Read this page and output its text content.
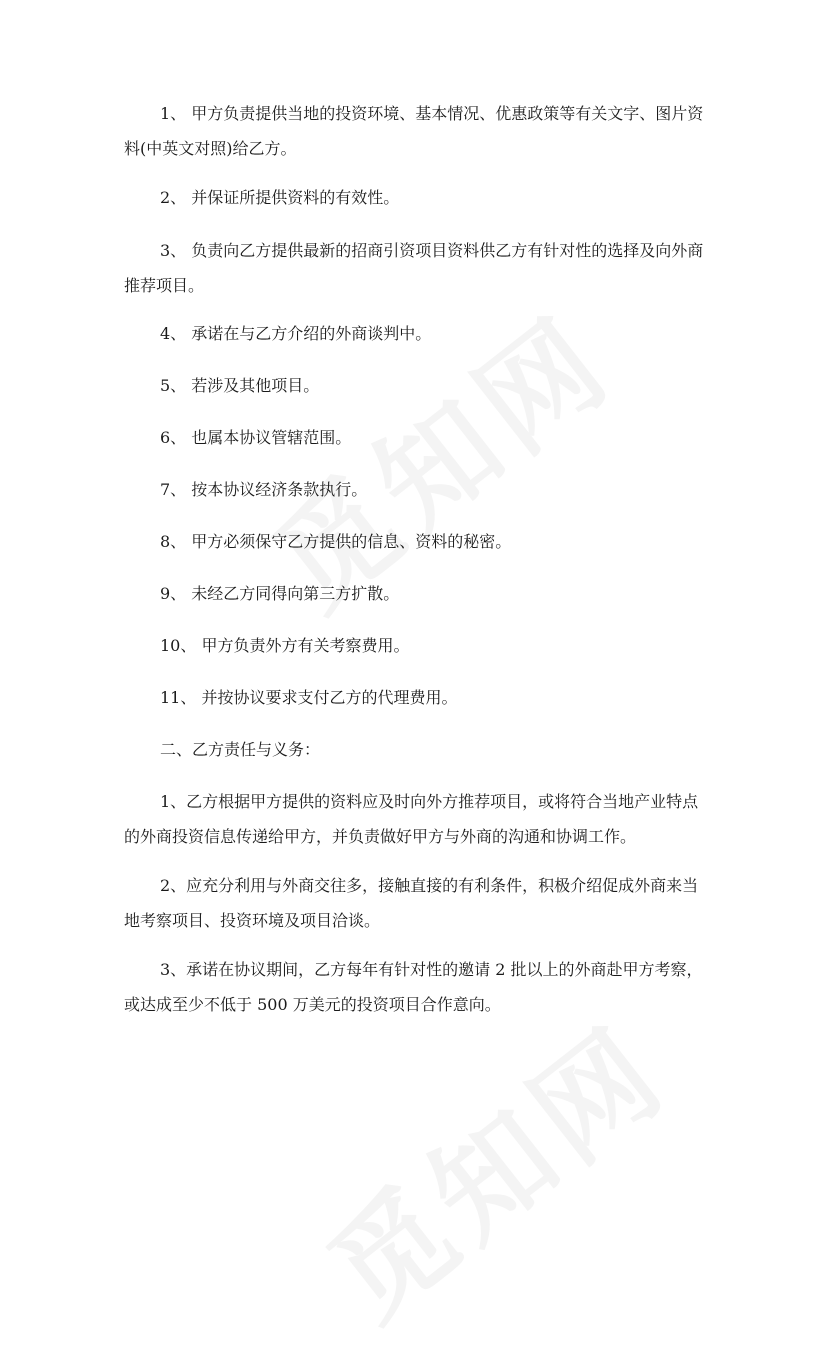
1、 甲方负责提供当地的投资环境、基本情况、优惠政策等有关文字、图片资料(中英文对照)给乙方。

2、 并保证所提供资料的有效性。

3、 负责向乙方提供最新的招商引资项目资料供乙方有针对性的选择及向外商推荐项目。

4、 承诺在与乙方介绍的外商谈判中。

5、 若涉及其他项目。

6、 也属本协议管辖范围。

7、 按本协议经济条款执行。

8、 甲方必须保守乙方提供的信息、资料的秘密。

9、 未经乙方同得向第三方扩散。

10、 甲方负责外方有关考察费用。

11、 并按协议要求支付乙方的代理费用。

二、乙方责任与义务：

1、乙方根据甲方提供的资料应及时向外方推荐项目，或将符合当地产业特点的外商投资信息传递给甲方，并负责做好甲方与外商的沟通和协调工作。

2、应充分利用与外商交往多，接触直接的有利条件，积极介绍促成外商来当地考察项目、投资环境及项目洽谈。

3、承诺在协议期间，乙方每年有针对性的邀请 2 批以上的外商赴甲方考察，或达成至少不低于 500 万美元的投资项目合作意向。
